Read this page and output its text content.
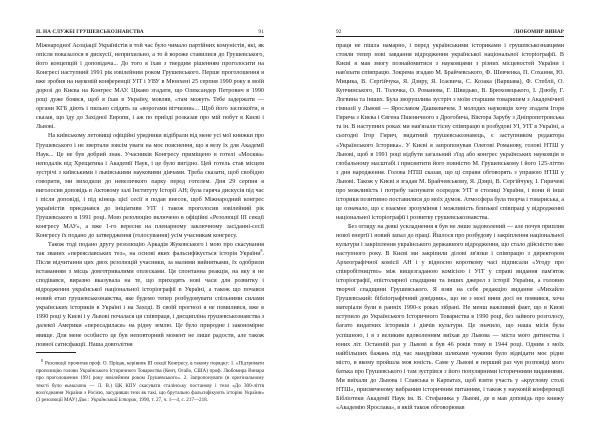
II. НА СЛУЖБІ ГРУШЕВСЬКОЗНАВСТВА	91

Міжнародної Асоціації Україністів в той час було чимало партійних комуністів, які, як опісля показалося в дискусії, неприхильно, а то й вороже ставилися до Грушевського, його концепцій і доповідача... До того я їхав з твердим рішенням проголосити на Конгресі наступний 1991 рік ювілейним роком Грушевського. Перше проголошення я вже зробив на науковій конференції УІТ і УВУ в Мюнхені 25 серпня 1990 року в моїй дорозі до Києва на Конгрес МАУ. Цікаво згадати, що Олександер Петрович в 1990 році дуже боявся, щоб я їхав в Україну, мовляв, «там можуть Тебе задержати — органи КГБ діють і пильно слідять за «ворогами вітчизни»... Щоб його заспокоїти, я сказав, що їду до Західної Европи, і аж по приїзді розказав про мій побут в Києві і Львові.

На київському летовищі офіційні урядники відібрали від мене усі мої книжки про Грушевського і не звертали зовсім уваги на моє пояснення, що я везу їх для Академії Наук... Це не був добрий знак. Учасників Конгресу приміщено в готелі «Москва» неподалік від Хрещатика і Академії Наук, і це було вигідно. Цей готель став місцем зустрічі з київськими і львівськими науковими діячами. Треба сказати, щоб свобідно говорити, ми виходили до невеличкого парку перед готелем. Дня 29 серпня я виголосив доповідь в Актовому залі Інституту Історії АН; була гаряча дискусія під час і після доповіді, і під кінець цієї сесії я подав внесок, щоб Міжнародний конгрес україністів приєднався до ініціативи УІТ і також проголосив ювілейний рік Грушевського в 1991 році. Мою резолюцію включено в офіційні «Резолюції III секції конгресу МАУ», а вже 1-го вересня на пленарному заключному засіданні-сесії Конгресу їх подано до затвердження (голосування) усім учасникам конгресу.

Також тоді подано другу резолюцію Аркадія Жуковського і мою про скасування так званих «переяславських тез», на основі яких фальсифікується історія України$^8$. Після відчитання цих двох резолюцій учасники, за малими вийнятками, їх одобрили вставанням з місць довготривалими оплесками. Ця спонтанна реакція, на яку я не сподівався, виразно вказувала на те, що приходять нові часи для розвитку і відродження української національної історіографії в Україні, а також що почався новий етап грушевськознавства, яке будемо тепер розбудовувати спільними силами українських істориків в Україні і на Заході. В своїй прогнозі я не помилився, вже в 1990 році у Києві і у Львові почалася ця співпраця, і дисципліна грушевськознавства з далекої Америки «пересадилася» на рідну землю. Це було природне і закономірне явище. Для мене особисто це був неповторний момент не лише радости, але також повної сатисфакції. Наша довголітня

$^8$Резолюції прочитав проф. О. Пріцак, керівник III секції Конгресу, в такому порядку: 1. «Підтримати пропозицію голови Українського Історичного Товариства (Кент, Огайо, США) проф. Любомира Винара про проголошення 1991 року ювілейним роком Грушевського». 2. Запропонувати (в оригінальному тексті було вимагати — Л. В.) ЦК КПУ скасувати сталінську постанову і тези «До 300-ліття возз'єднання України з Росією, засудивши тези як такі, що брутально фальсифікують історію України» (3 резолюції МАУ) Див.: Український Історик, 1990, т. 27, ч. 1—4, с. 217—218.
92	ЛЮБОМИР ВИНАР

праця не пішла намарно, і перед українськими істориками і грушевськознавцями стояли тепер нові завдання відродження української національної історіографії. В Києві я мав змогу познайомитися з науковцями з різних місцевостей України і нав'язати співпрацю. Зокрема згадаю М. Брайчевського, Ф. Шевченка, П. Сохання, Ю. Мицика, В. Сергійчука, Я. Дзиру, Я. Ісаєвича, С. Козака (Варшава), Ф. Стебліі, О. Купчинського, П. Толочка, О. Романова, Г. Швидько, В. Брюховецького, І. Дзюбу, Г. Логвина та інших. Була зворушлива зустріч з моїм старшим товаришем з Академічної гімназії у Львові — Ярославом Дашкевичем. З молодих науковців хочу згадати Ігоря Гирича з Києва і Євгена Пшеничного з Дрогобича, Віктора Зарубу з Дніпропетровська та ін. В наступних роках ми нав'язали тісну співпрацю в розбудові УІ, УІТ в Україні, а сьогодні Ігор Гирич, видатний грушевськознавець, є заступником редактора «Українського Історика». У Києві я запропонував Олегові Романову, голові НТШ у Львові, щоб в 1991 році відбути загальний з'їзд або конгрес українських науковців в глобальному масштабі і присвятити його повністю М. Грушевському і його 125-літтю з дня народження. Голова НТШ сказав, що ці справи обговорять з управою НТШ у Львові. Також у Києві я згадав М. Брайчевському, Я. Дзирі, В. Сергійчуку, І. Гиричеві про можливість і потребу заснувати осередок УІТ в столиці України, і вони й інші історики позитивно поставилися до моїх думок. Атмосфера була творча і товариська, а це означало, що є взаємне зрозуміння і можливість близької співпраці у відродженні національної історіографії і розвитку грушевськознавства.

Без огляду на деякі ускладнення я був не лише задоволений — але почув приплив нової енергії і новий запал до праці. Йшлося про розбудову і закріплення національної культури і закріплення українського державного відродження, що стало дійсністю вже наступного року. В Києві ми закріпили ділові зв'язки і співпрацю з директором Археографічної комісії АН і у відносно короткому часі підписали «Угоду про співробітництво» між вищезгаданою комісією і УІТ у справі видання пам'яток історіографії, епістолярної спадщини та інших джерел з історії України, а головно творчої спадщини Грушевського. Я взяв на себе редакцію видання «Михайло Грушевський: бібліографічний довідник», що не з моєї вини досі не появився, хоча матеріали були в ранніх 1990-х роках зібрані. Не менш важливий факт, що в Києві вступило до Українського Історичного Товариства в 1990 році, без зайвого розголосу, багато видатних істориків і діячів культури. Це значило, що наша місія була успішною, і я з великим вдоволенням виїхав до Львова — міста мого дитинства і юних літ. Останній раз у Львові я був 46 років тому в 1944 році. Одним з моїх найбільших бажань під час мандрівки шляхами чужини було відвідати моє рідне місто, в якому пройшла моя юність. Саме у Львові я перший раз чув розповіді мого батька про Грушевського і там зустрівся з його популярними історичними виданнями. Ми виїхали до Львова і Славська в Карпатах, щоб взяти участь у «круглому столі НТШ», присвяченому вибраним історичним питанням, і також у науковій конференції Бібліотеки Академії Наук ім. В. Стефаника у Львові, де я мав доповідь про книжу «Академію Ярослава», в якій також обговорював
